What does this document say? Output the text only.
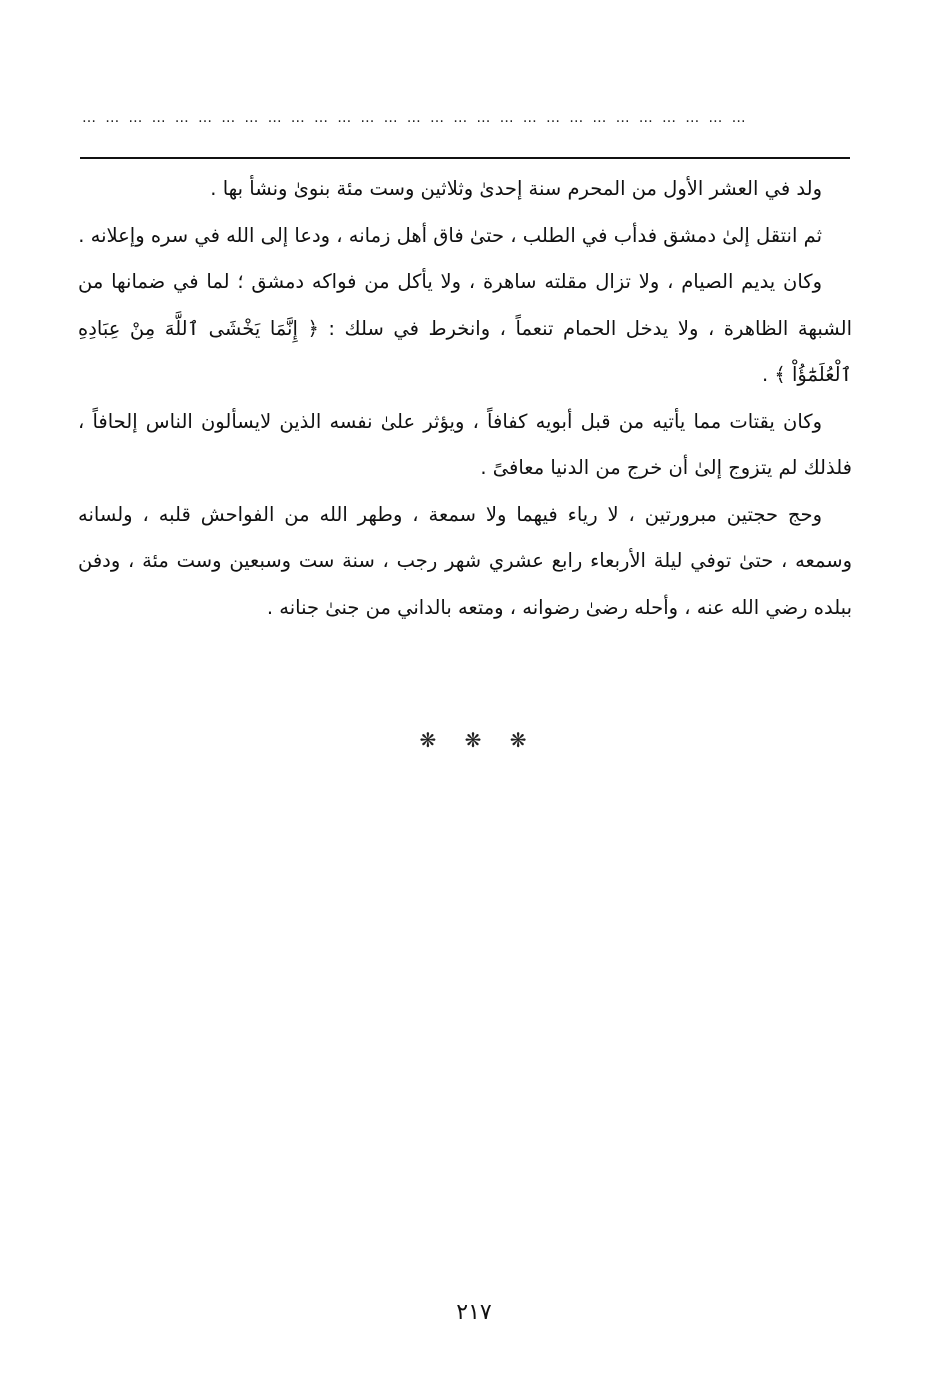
……………………………………………………………………………

ولد في العشر الأول من المحرم سنة إحدىٰ وثلاثين وست مئة بنوىٰ ونشأ بها .

ثم انتقل إلىٰ دمشق فدأب في الطلب ، حتىٰ فاق أهل زمانه ، ودعا إلى الله في سره وإعلانه .

وكان يديم الصيام ، ولا تزال مقلته ساهرة ، ولا يأكل من فواكه دمشق ؛ لما في ضمانها من الشبهة الظاهرة ، ولا يدخل الحمام تنعماً ، وانخرط في سلك : ﴿ إِنَّمَا يَخْشَى ٱللَّهَ مِنْ عِبَادِهِ ٱلْعُلَمَٰٓؤُاْ ﴾ .

وكان يقتات مما يأتيه من قبل أبويه كفافاً ، ويؤثر علىٰ نفسه الذين لايسألون الناس إلحافاً ، فلذلك لم يتزوج إلىٰ أن خرج من الدنيا معافىً .

وحج حجتين مبرورتين ، لا رياء فيهما ولا سمعة ، وطهر الله من الفواحش قلبه ، ولسانه وسمعه ، حتىٰ توفي ليلة الأربعاء رابع عشري شهر رجب ، سنة ست وسبعين وست مئة ، ودفن ببلده رضي الله عنه ، وأحله رضىٰ رضوانه ، ومتعه بالداني من جنىٰ جنانه .

❋ ❋ ❋
٢١٧
